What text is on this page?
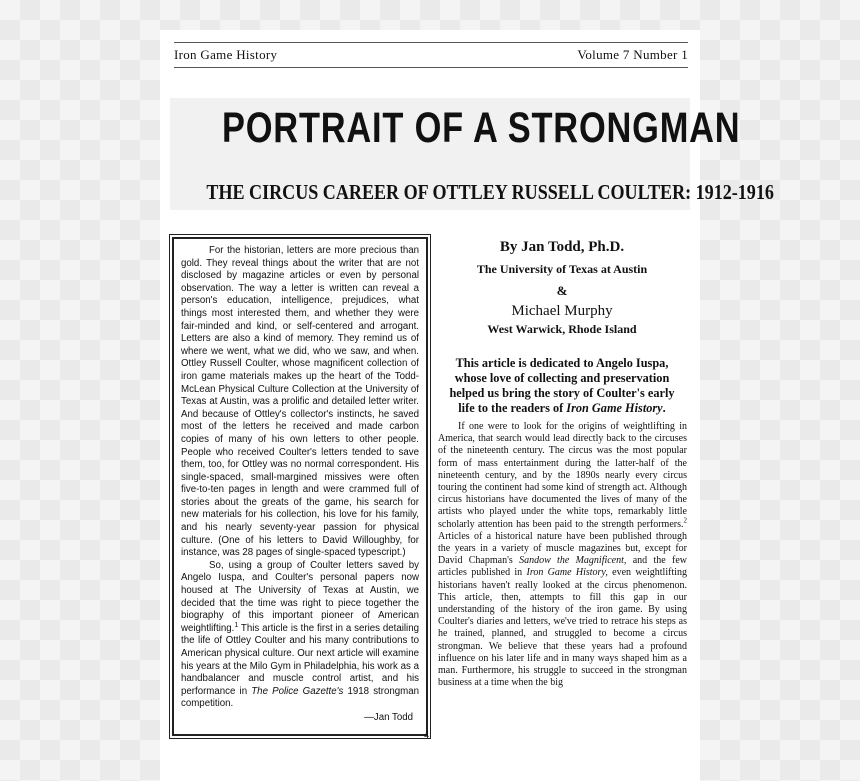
Iron Game History	Volume 7 Number 1
Portrait of a Strongman
PORTRAIT OF A STRONGMAN
THE CIRCUS CAREER OF OTTLEY RUSSELL COULTER: 1912-1916

For the historian, letters are more precious than gold. They reveal things about the writer that are not disclosed by magazine articles or even by personal observation. The way a letter is written can reveal a person's education, intelligence, prejudices, what things most interested them, and whether they were fair-minded and kind, or self-centered and arrogant. Letters are also a kind of memory. They remind us of where we went, what we did, who we saw, and when. Ottley Russell Coulter, whose magnificent collection of iron game materials makes up the heart of the Todd-McLean Physical Culture Collection at the University of Texas at Austin, was a prolific and detailed letter writer. And because of Ottley's collector's instincts, he saved most of the letters he received and made carbon copies of many of his own letters to other people. People who received Coulter's letters tended to save them, too, for Ottley was no normal correspondent. His single-spaced, small-margined missives were often five-to-ten pages in length and were crammed full of stories about the greats of the game, his search for new materials for his collection, his love for his family, and his nearly seventy-year passion for physical culture. (One of his letters to David Willoughby, for instance, was 28 pages of single-spaced typescript.)

So, using a group of Coulter letters saved by Angelo Iuspa, and Coulter's personal papers now housed at The University of Texas at Austin, we decided that the time was right to piece together the biography of this important pioneer of American weightlifting.$^1$ This article is the first in a series detailing the life of Ottley Coulter and his many contributions to American physical culture. Our next article will examine his years at the Milo Gym in Philadelphia, his work as a handbalancer and muscle control artist, and his performance in The Police Gazette's 1918 strongman competition.

—Jan Todd

By Jan Todd, Ph.D.
The University of Texas at Austin
&
Michael Murphy
West Warwick, Rhode Island
This article is dedicated to Angelo Iuspa, whose love of collecting and preservation helped us bring the story of Coulter's early life to the readers of Iron Game History.

If one were to look for the origins of weightlifting in America, that search would lead directly back to the circuses of the nineteenth century. The circus was the most popular form of mass entertainment during the latter-half of the nineteenth century, and by the 1890s nearly every circus touring the continent had some kind of strength act. Although circus historians have documented the lives of many of the artists who played under the white tops, remarkably little scholarly attention has been paid to the strength performers.$^2$ Articles of a historical nature have been published through the years in a variety of muscle magazines but, except for David Chapman's Sandow the Magnificent, and the few articles published in Iron Game History, even weightlifting historians haven't really looked at the circus phenomenon. This article, then, attempts to fill this gap in our understanding of the history of the iron game. By using Coulter's diaries and letters, we've tried to retrace his steps as he trained, planned, and struggled to become a circus strongman. We believe that these years had a profound influence on his later life and in many ways shaped him as a man. Furthermore, his struggle to succeed in the strongman business at a time when the big

4
